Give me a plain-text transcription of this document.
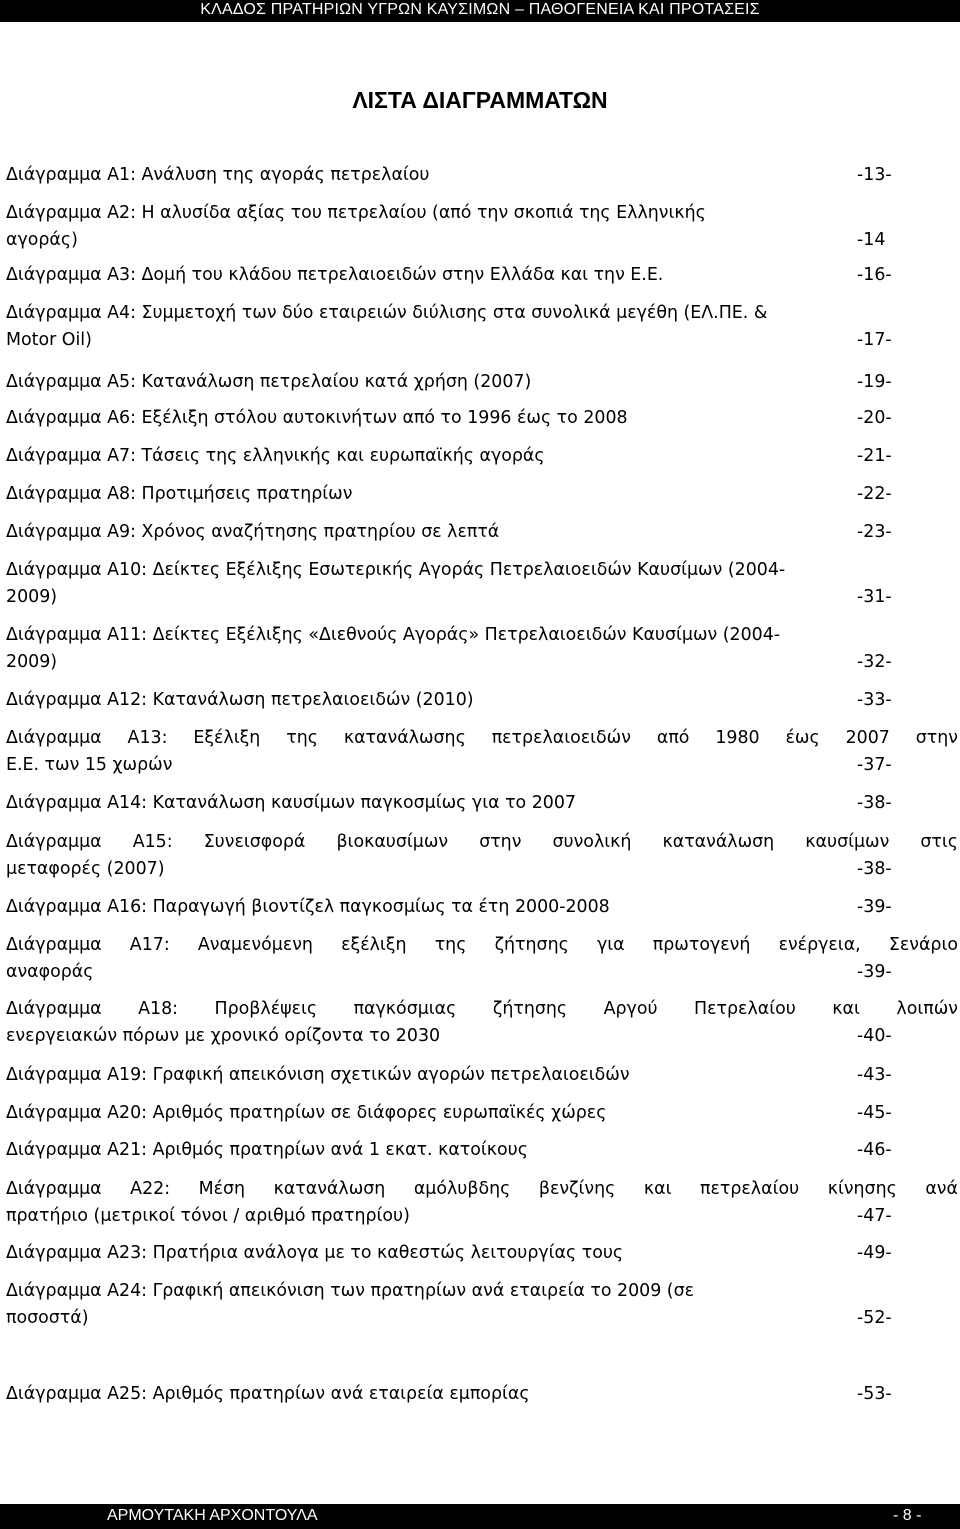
ΚΛΑΔΟΣ ΠΡΑΤΗΡΙΩΝ ΥΓΡΩΝ ΚΑΥΣΙΜΩΝ – ΠΑΘΟΓΕΝΕΙΑ ΚΑΙ ΠΡΟΤΑΣΕΙΣ
ΛΙΣΤΑ ΔΙΑΓΡΑΜΜΑΤΩΝ
Διάγραμμα Α1: Ανάλυση της αγοράς πετρελαίου	-13-
Διάγραμμα Α2: Η αλυσίδα αξίας του πετρελαίου (από την σκοπιά της Ελληνικής
αγοράς)	-14
Διάγραμμα Α3: Δομή του κλάδου πετρελαιοειδών στην Ελλάδα και την Ε.Ε.	-16-
Διάγραμμα Α4: Συμμετοχή των δύο εταιρειών διύλισης στα συνολικά μεγέθη (ΕΛ.ΠΕ. &
Motor Oil)	-17-
Διάγραμμα Α5: Κατανάλωση πετρελαίου κατά χρήση (2007)	-19-
Διάγραμμα Α6: Εξέλιξη στόλου αυτοκινήτων από το 1996 έως το 2008	-20-
Διάγραμμα Α7: Τάσεις της ελληνικής και ευρωπαϊκής αγοράς	-21-
Διάγραμμα Α8: Προτιμήσεις πρατηρίων	-22-
Διάγραμμα Α9: Χρόνος αναζήτησης πρατηρίου σε λεπτά	-23-
Διάγραμμα Α10: Δείκτες Εξέλιξης Εσωτερικής Αγοράς Πετρελαιοειδών Καυσίμων (2004-
2009)	-31-
Διάγραμμα Α11: Δείκτες Εξέλιξης «Διεθνούς Αγοράς» Πετρελαιοειδών Καυσίμων (2004-
2009)	-32-
Διάγραμμα Α12: Κατανάλωση πετρελαιοειδών (2010)	-33-
Διάγραμμα Α13: Εξέλιξη της κατανάλωσης πετρελαιοειδών από 1980 έως 2007 στην
Ε.Ε. των 15 χωρών	-37-
Διάγραμμα Α14: Κατανάλωση καυσίμων παγκοσμίως για το 2007	-38-
Διάγραμμα Α15: Συνεισφορά βιοκαυσίμων στην συνολική κατανάλωση καυσίμων στις
μεταφορές (2007)	-38-
Διάγραμμα Α16: Παραγωγή βιοντίζελ παγκοσμίως τα έτη 2000-2008	-39-
Διάγραμμα Α17: Αναμενόμενη εξέλιξη της ζήτησης για πρωτογενή ενέργεια, Σενάριο
αναφοράς	-39-
Διάγραμμα Α18: Προβλέψεις παγκόσμιας ζήτησης Αργού Πετρελαίου και λοιπών
ενεργειακών πόρων με χρονικό ορίζοντα το 2030	-40-
Διάγραμμα Α19: Γραφική απεικόνιση σχετικών αγορών πετρελαιοειδών	-43-
Διάγραμμα Α20: Αριθμός πρατηρίων σε διάφορες ευρωπαϊκές χώρες	-45-
Διάγραμμα Α21: Αριθμός πρατηρίων ανά 1 εκατ. κατοίκους	-46-
Διάγραμμα Α22: Μέση κατανάλωση αμόλυβδης βενζίνης και πετρελαίου κίνησης ανά
πρατήριο (μετρικοί τόνοι / αριθμό πρατηρίου)	-47-
Διάγραμμα Α23: Πρατήρια ανάλογα με το καθεστώς λειτουργίας τους	-49-
Διάγραμμα Α24: Γραφική απεικόνιση των πρατηρίων ανά εταιρεία το 2009 (σε
ποσοστά)	-52-
Διάγραμμα Α25: Αριθμός πρατηρίων ανά εταιρεία εμπορίας	-53-
ΑΡΜΟΥΤΑΚΗ ΑΡΧΟΝΤΟΥΛΑ	- 8 -
